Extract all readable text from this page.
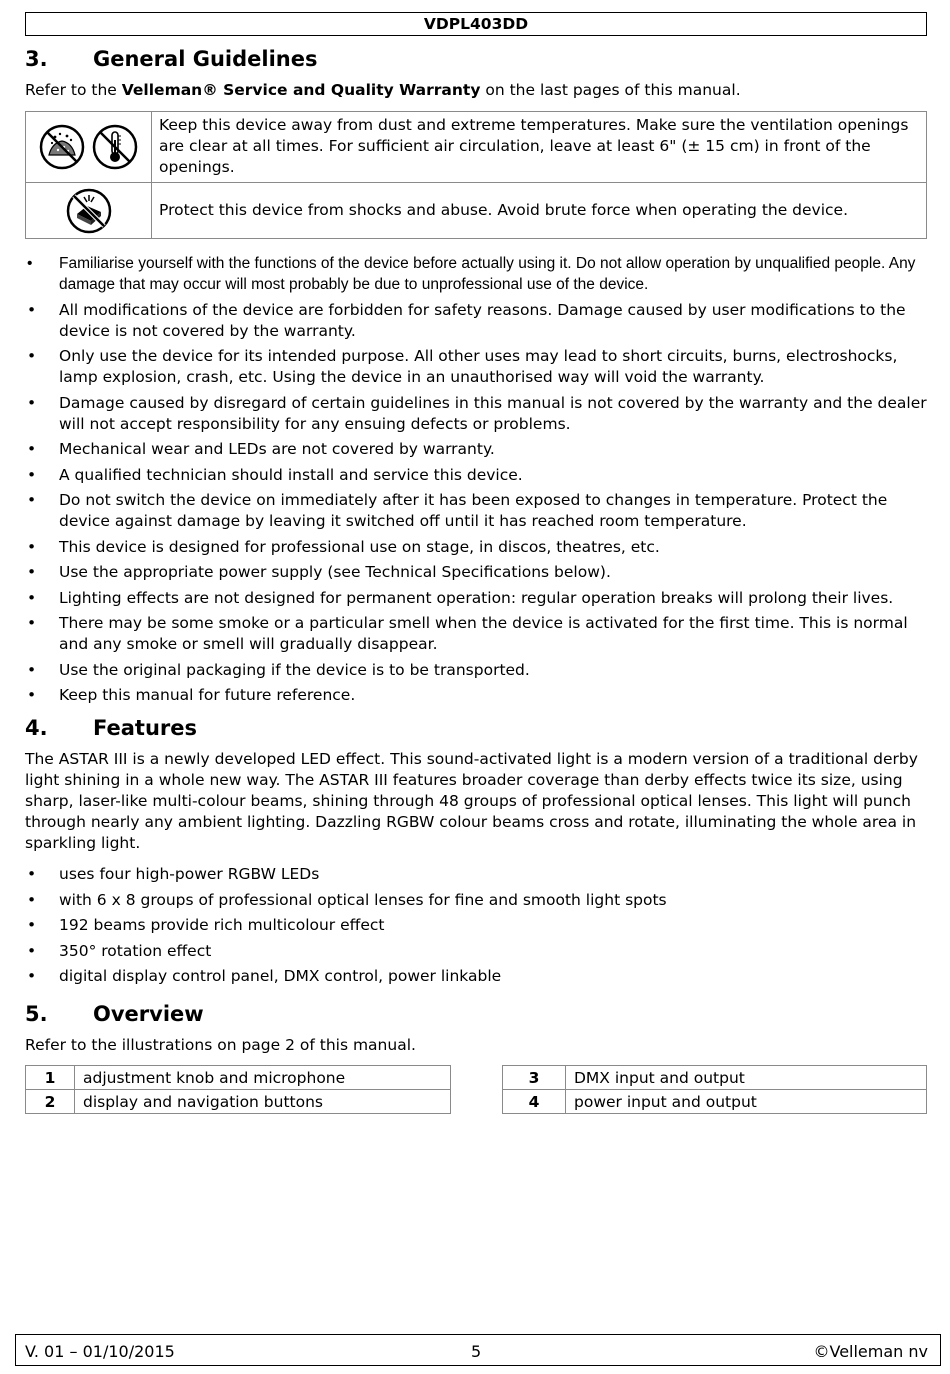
VDPL403DD
3. General Guidelines

Refer to the Velleman® Service and Quality Warranty on the last pages of this manual.

	Keep this device away from dust and extreme temperatures. Make sure the ventilation openings are clear at all times. For sufficient air circulation, leave at least 6" (± 15 cm) in front of the openings.
	Protect this device from shocks and abuse. Avoid brute force when operating the device.
• Familiarise yourself with the functions of the device before actually using it. Do not allow operation by unqualified people. Any damage that may occur will most probably be due to unprofessional use of the device.
• All modifications of the device are forbidden for safety reasons. Damage caused by user modifications to the device is not covered by the warranty.
• Only use the device for its intended purpose. All other uses may lead to short circuits, burns, electroshocks, lamp explosion, crash, etc. Using the device in an unauthorised way will void the warranty.
• Damage caused by disregard of certain guidelines in this manual is not covered by the warranty and the dealer will not accept responsibility for any ensuing defects or problems.
• Mechanical wear and LEDs are not covered by warranty.
• A qualified technician should install and service this device.
• Do not switch the device on immediately after it has been exposed to changes in temperature. Protect the device against damage by leaving it switched off until it has reached room temperature.
• This device is designed for professional use on stage, in discos, theatres, etc.
• Use the appropriate power supply (see Technical Specifications below).
• Lighting effects are not designed for permanent operation: regular operation breaks will prolong their lives.
• There may be some smoke or a particular smell when the device is activated for the first time. This is normal and any smoke or smell will gradually disappear.
• Use the original packaging if the device is to be transported.
• Keep this manual for future reference.
4. Features

The ASTAR III is a newly developed LED effect. This sound-activated light is a modern version of a traditional derby light shining in a whole new way. The ASTAR III features broader coverage than derby effects twice its size, using sharp, laser-like multi-colour beams, shining through 48 groups of professional optical lenses. This light will punch through nearly any ambient lighting. Dazzling RGBW colour beams cross and rotate, illuminating the whole area in sparkling light.

• uses four high-power RGBW LEDs
• with 6 x 8 groups of professional optical lenses for fine and smooth light spots
• 192 beams provide rich multicolour effect
• 350° rotation effect
• digital display control panel, DMX control, power linkable
5. Overview

Refer to the illustrations on page 2 of this manual.

1	adjustment knob and microphone
2	display and navigation buttons
3	DMX input and output
4	power input and output
V. 01 – 01/10/2015	5	©Velleman nv
